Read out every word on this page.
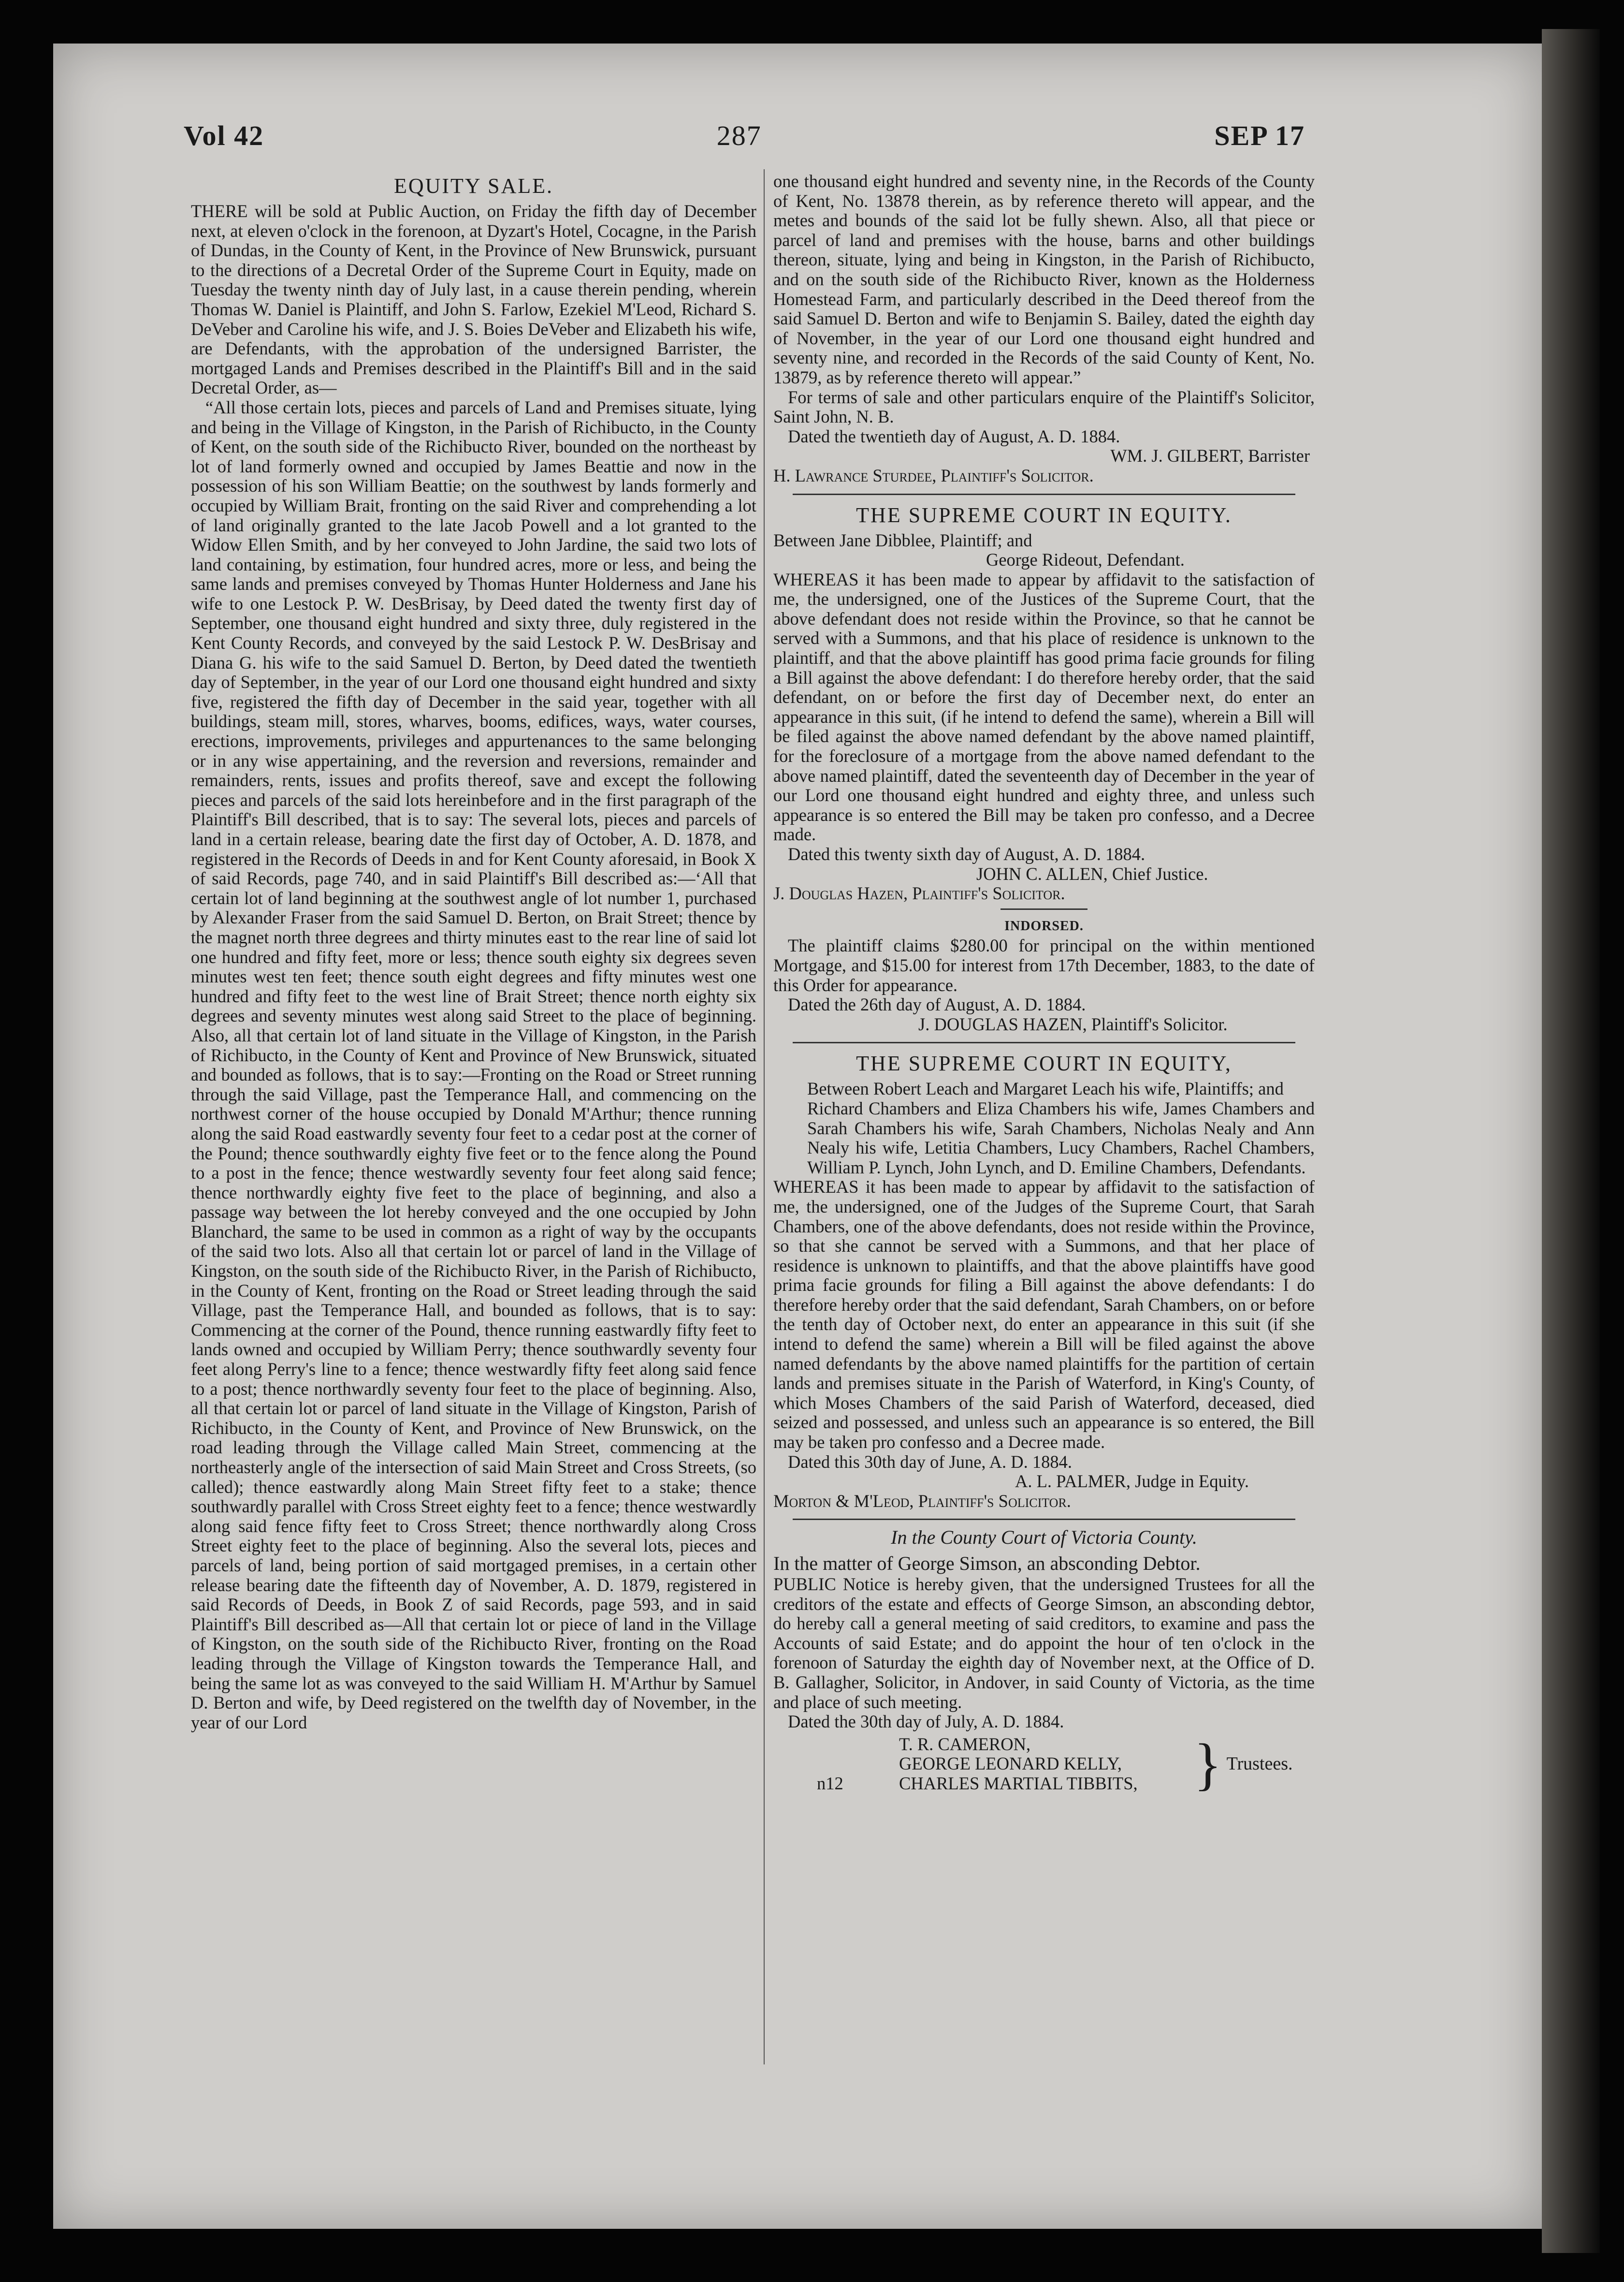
Vol 42	287	SEP 17
EQUITY SALE.

THERE will be sold at Public Auction, on Friday the fifth day of December next, at eleven o'clock in the forenoon, at Dyzart's Hotel, Cocagne, in the Parish of Dundas, in the County of Kent, in the Province of New Brunswick, pursuant to the directions of a Decretal Order of the Supreme Court in Equity, made on Tuesday the twenty ninth day of July last, in a cause therein pending, wherein Thomas W. Daniel is Plaintiff, and John S. Farlow, Ezekiel M'Leod, Richard S. DeVeber and Caroline his wife, and J. S. Boies DeVeber and Elizabeth his wife, are Defendants, with the approbation of the undersigned Barrister, the mortgaged Lands and Premises described in the Plaintiff's Bill and in the said Decretal Order, as—

“All those certain lots, pieces and parcels of Land and Premises situate, lying and being in the Village of Kingston, in the Parish of Richibucto, in the County of Kent, on the south side of the Richibucto River, bounded on the northeast by lot of land formerly owned and occupied by James Beattie and now in the possession of his son William Beattie; on the southwest by lands formerly and occupied by William Brait, fronting on the said River and comprehending a lot of land originally granted to the late Jacob Powell and a lot granted to the Widow Ellen Smith, and by her conveyed to John Jardine, the said two lots of land containing, by estimation, four hundred acres, more or less, and being the same lands and premises conveyed by Thomas Hunter Holderness and Jane his wife to one Lestock P. W. DesBrisay, by Deed dated the twenty first day of September, one thousand eight hundred and sixty three, duly registered in the Kent County Records, and conveyed by the said Lestock P. W. DesBrisay and Diana G. his wife to the said Samuel D. Berton, by Deed dated the twentieth day of September, in the year of our Lord one thousand eight hundred and sixty five, registered the fifth day of December in the said year, together with all buildings, steam mill, stores, wharves, booms, edifices, ways, water courses, erections, improvements, privileges and appurtenances to the same belonging or in any wise appertaining, and the reversion and reversions, remainder and remainders, rents, issues and profits thereof, save and except the following pieces and parcels of the said lots hereinbefore and in the first paragraph of the Plaintiff's Bill described, that is to say: The several lots, pieces and parcels of land in a certain release, bearing date the first day of October, A. D. 1878, and registered in the Records of Deeds in and for Kent County aforesaid, in Book X of said Records, page 740, and in said Plaintiff's Bill described as:—‘All that certain lot of land beginning at the southwest angle of lot number 1, purchased by Alexander Fraser from the said Samuel D. Berton, on Brait Street; thence by the magnet north three degrees and thirty minutes east to the rear line of said lot one hundred and fifty feet, more or less; thence south eighty six degrees seven minutes west ten feet; thence south eight degrees and fifty minutes west one hundred and fifty feet to the west line of Brait Street; thence north eighty six degrees and seventy minutes west along said Street to the place of beginning. Also, all that certain lot of land situate in the Village of Kingston, in the Parish of Richibucto, in the County of Kent and Province of New Brunswick, situated and bounded as follows, that is to say:—Fronting on the Road or Street running through the said Village, past the Temperance Hall, and commencing on the northwest corner of the house occupied by Donald M'Arthur; thence running along the said Road eastwardly seventy four feet to a cedar post at the corner of the Pound; thence southwardly eighty five feet or to the fence along the Pound to a post in the fence; thence westwardly seventy four feet along said fence; thence northwardly eighty five feet to the place of beginning, and also a passage way between the lot hereby conveyed and the one occupied by John Blanchard, the same to be used in common as a right of way by the occupants of the said two lots. Also all that certain lot or parcel of land in the Village of Kingston, on the south side of the Richibucto River, in the Parish of Richibucto, in the County of Kent, fronting on the Road or Street leading through the said Village, past the Temperance Hall, and bounded as follows, that is to say: Commencing at the corner of the Pound, thence running eastwardly fifty feet to lands owned and occupied by William Perry; thence southwardly seventy four feet along Perry's line to a fence; thence westwardly fifty feet along said fence to a post; thence northwardly seventy four feet to the place of beginning. Also, all that certain lot or parcel of land situate in the Village of Kingston, Parish of Richibucto, in the County of Kent, and Province of New Brunswick, on the road leading through the Village called Main Street, commencing at the northeasterly angle of the intersection of said Main Street and Cross Streets, (so called); thence eastwardly along Main Street fifty feet to a stake; thence southwardly parallel with Cross Street eighty feet to a fence; thence westwardly along said fence fifty feet to Cross Street; thence northwardly along Cross Street eighty feet to the place of beginning. Also the several lots, pieces and parcels of land, being portion of said mortgaged premises, in a certain other release bearing date the fifteenth day of November, A. D. 1879, registered in said Records of Deeds, in Book Z of said Records, page 593, and in said Plaintiff's Bill described as—All that certain lot or piece of land in the Village of Kingston, on the south side of the Richibucto River, fronting on the Road leading through the Village of Kingston towards the Temperance Hall, and being the same lot as was conveyed to the said William H. M'Arthur by Samuel D. Berton and wife, by Deed registered on the twelfth day of November, in the year of our Lord

one thousand eight hundred and seventy nine, in the Records of the County of Kent, No. 13878 therein, as by reference thereto will appear, and the metes and bounds of the said lot be fully shewn. Also, all that piece or parcel of land and premises with the house, barns and other buildings thereon, situate, lying and being in Kingston, in the Parish of Richibucto, and on the south side of the Richibucto River, known as the Holderness Homestead Farm, and particularly described in the Deed thereof from the said Samuel D. Berton and wife to Benjamin S. Bailey, dated the eighth day of November, in the year of our Lord one thousand eight hundred and seventy nine, and recorded in the Records of the said County of Kent, No. 13879, as by reference thereto will appear.”

For terms of sale and other particulars enquire of the Plaintiff's Solicitor, Saint John, N. B.

Dated the twentieth day of August, A. D. 1884.

WM. J. GILBERT, Barrister

H. Lawrance Sturdee, Plaintiff's Solicitor.

THE SUPREME COURT IN EQUITY.

Between Jane Dibblee, Plaintiff; and

George Rideout, Defendant.

WHEREAS it has been made to appear by affidavit to the satisfaction of me, the undersigned, one of the Justices of the Supreme Court, that the above defendant does not reside within the Province, so that he cannot be served with a Summons, and that his place of residence is unknown to the plaintiff, and that the above plaintiff has good prima facie grounds for filing a Bill against the above defendant: I do therefore hereby order, that the said defendant, on or before the first day of December next, do enter an appearance in this suit, (if he intend to defend the same), wherein a Bill will be filed against the above named defendant by the above named plaintiff, for the foreclosure of a mortgage from the above named defendant to the above named plaintiff, dated the seventeenth day of December in the year of our Lord one thousand eight hundred and eighty three, and unless such appearance is so entered the Bill may be taken pro confesso, and a Decree made.

Dated this twenty sixth day of August, A. D. 1884.

JOHN C. ALLEN, Chief Justice.

J. Douglas Hazen, Plaintiff's Solicitor.

INDORSED.

The plaintiff claims $280.00 for principal on the within mentioned Mortgage, and $15.00 for interest from 17th December, 1883, to the date of this Order for appearance.

Dated the 26th day of August, A. D. 1884.

J. DOUGLAS HAZEN, Plaintiff's Solicitor.

THE SUPREME COURT IN EQUITY,

Between Robert Leach and Margaret Leach his wife, Plaintiffs; and

Richard Chambers and Eliza Chambers his wife, James Chambers and Sarah Chambers his wife, Sarah Chambers, Nicholas Nealy and Ann Nealy his wife, Letitia Chambers, Lucy Chambers, Rachel Chambers, William P. Lynch, John Lynch, and D. Emiline Chambers, Defendants.

WHEREAS it has been made to appear by affidavit to the satisfaction of me, the undersigned, one of the Judges of the Supreme Court, that Sarah Chambers, one of the above defendants, does not reside within the Province, so that she cannot be served with a Summons, and that her place of residence is unknown to plaintiffs, and that the above plaintiffs have good prima facie grounds for filing a Bill against the above defendants: I do therefore hereby order that the said defendant, Sarah Chambers, on or before the tenth day of October next, do enter an appearance in this suit (if she intend to defend the same) wherein a Bill will be filed against the above named defendants by the above named plaintiffs for the partition of certain lands and premises situate in the Parish of Waterford, in King's County, of which Moses Chambers of the said Parish of Waterford, deceased, died seized and possessed, and unless such an appearance is so entered, the Bill may be taken pro confesso and a Decree made.

Dated this 30th day of June, A. D. 1884.

A. L. PALMER, Judge in Equity.

Morton & M'Leod, Plaintiff's Solicitor.

In the County Court of Victoria County.

In the matter of George Simson, an absconding Debtor.

PUBLIC Notice is hereby given, that the undersigned Trustees for all the creditors of the estate and effects of George Simson, an absconding debtor, do hereby call a general meeting of said creditors, to examine and pass the Accounts of said Estate; and do appoint the hour of ten o'clock in the forenoon of Saturday the eighth day of November next, at the Office of D. B. Gallagher, Solicitor, in Andover, in said County of Victoria, as the time and place of such meeting.

Dated the 30th day of July, A. D. 1884.

n12
T. R. CAMERON,
GEORGE LEONARD KELLY,
CHARLES MARTIAL TIBBITS, } Trustees.
